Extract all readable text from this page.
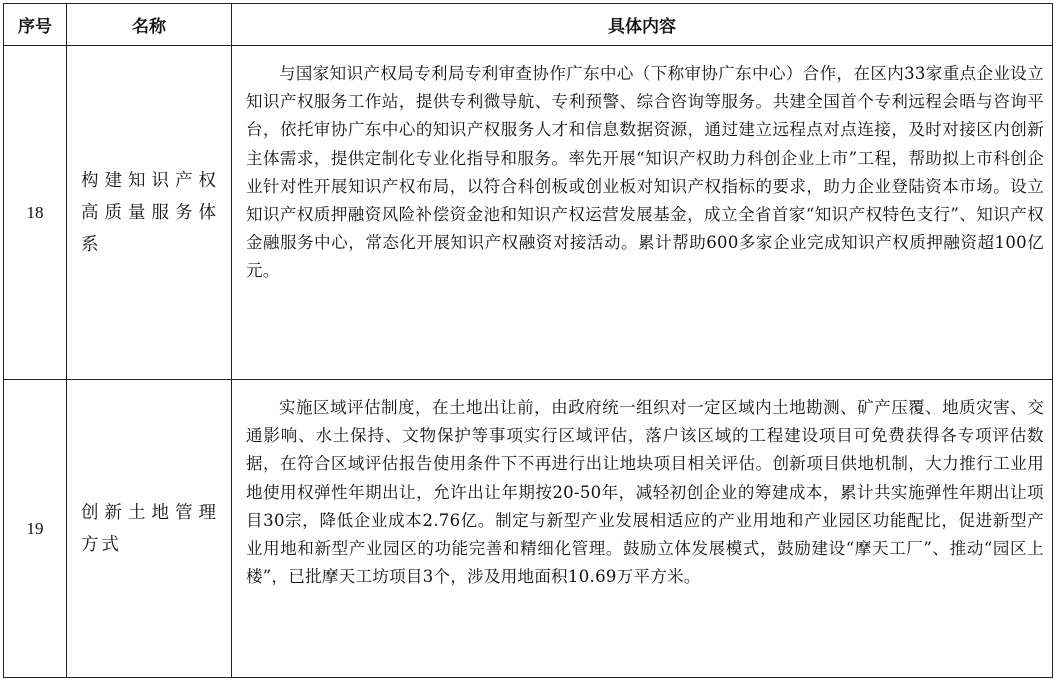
序号	名称	具体内容
18	构建知识产权高质量服务体系	与国家知识产权局专利局专利审查协作广东中心（下称审协广东中心）合作，在区内33家重点企业设立知识产权服务工作站，提供专利微导航、专利预警、综合咨询等服务。共建全国首个专利远程会晤与咨询平台，依托审协广东中心的知识产权服务人才和信息数据资源，通过建立远程点对点连接，及时对接区内创新主体需求，提供定制化专业化指导和服务。率先开展“知识产权助力科创企业上市”工程，帮助拟上市科创企业针对性开展知识产权布局，以符合科创板或创业板对知识产权指标的要求，助力企业登陆资本市场。设立知识产权质押融资风险补偿资金池和知识产权运营发展基金，成立全省首家“知识产权特色支行”、知识产权金融服务中心，常态化开展知识产权融资对接活动。累计帮助600多家企业完成知识产权质押融资超100亿元。

19	创新土地管理方式	实施区域评估制度，在土地出让前，由政府统一组织对一定区域内土地勘测、矿产压覆、地质灾害、交通影响、水土保持、文物保护等事项实行区域评估，落户该区域的工程建设项目可免费获得各专项评估数据，在符合区域评估报告使用条件下不再进行出让地块项目相关评估。创新项目供地机制，大力推行工业用地使用权弹性年期出让，允许出让年期按20-50年，减轻初创企业的筹建成本，累计共实施弹性年期出让项目30宗，降低企业成本2.76亿。制定与新型产业发展相适应的产业用地和产业园区功能配比，促进新型产业用地和新型产业园区的功能完善和精细化管理。鼓励立体发展模式，鼓励建设“摩天工厂”、推动“园区上楼”，已批摩天工坊项目3个，涉及用地面积10.69万平方米。
